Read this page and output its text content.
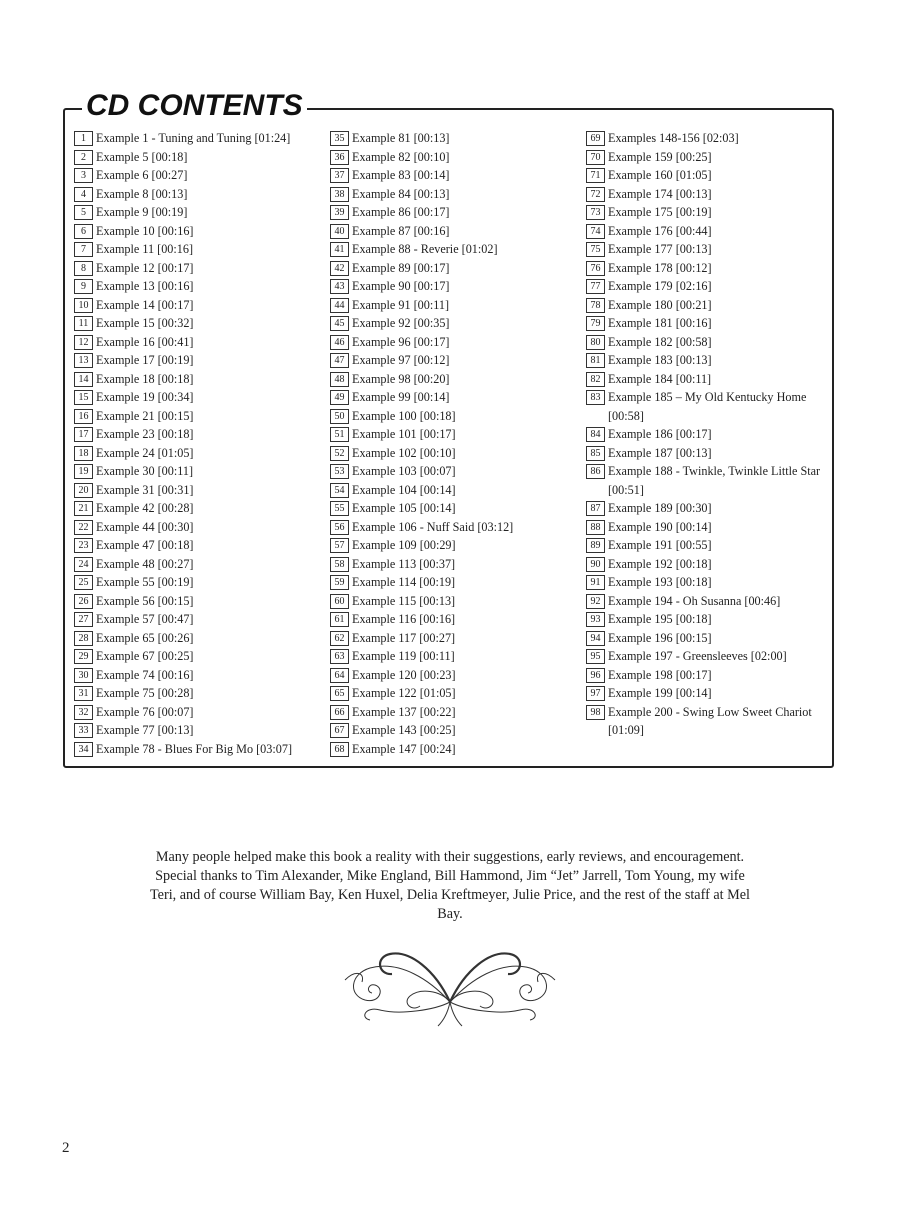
CD CONTENTS
1 Example 1 - Tuning and Tuning [01:24]
2 Example 5 [00:18]
3 Example 6 [00:27]
4 Example 8 [00:13]
5 Example 9 [00:19]
6 Example 10 [00:16]
7 Example 11 [00:16]
8 Example 12 [00:17]
9 Example 13 [00:16]
10 Example 14 [00:17]
11 Example 15 [00:32]
12 Example 16 [00:41]
13 Example 17 [00:19]
14 Example 18 [00:18]
15 Example 19 [00:34]
16 Example 21 [00:15]
17 Example 23 [00:18]
18 Example 24 [01:05]
19 Example 30 [00:11]
20 Example 31 [00:31]
21 Example 42 [00:28]
22 Example 44 [00:30]
23 Example 47 [00:18]
24 Example 48 [00:27]
25 Example 55 [00:19]
26 Example 56 [00:15]
27 Example 57 [00:47]
28 Example 65 [00:26]
29 Example 67 [00:25]
30 Example 74 [00:16]
31 Example 75 [00:28]
32 Example 76 [00:07]
33 Example 77 [00:13]
34 Example 78 - Blues For Big Mo [03:07]
35 Example 81 [00:13]
36 Example 82 [00:10]
37 Example 83 [00:14]
38 Example 84 [00:13]
39 Example 86 [00:17]
40 Example 87 [00:16]
41 Example 88 - Reverie [01:02]
42 Example 89 [00:17]
43 Example 90 [00:17]
44 Example 91 [00:11]
45 Example 92 [00:35]
46 Example 96 [00:17]
47 Example 97 [00:12]
48 Example 98 [00:20]
49 Example 99 [00:14]
50 Example 100 [00:18]
51 Example 101 [00:17]
52 Example 102 [00:10]
53 Example 103 [00:07]
54 Example 104 [00:14]
55 Example 105 [00:14]
56 Example 106 - Nuff Said [03:12]
57 Example 109 [00:29]
58 Example 113 [00:37]
59 Example 114 [00:19]
60 Example 115 [00:13]
61 Example 116 [00:16]
62 Example 117 [00:27]
63 Example 119 [00:11]
64 Example 120 [00:23]
65 Example 122 [01:05]
66 Example 137 [00:22]
67 Example 143 [00:25]
68 Example 147 [00:24]
69 Examples 148-156 [02:03]
70 Example 159 [00:25]
71 Example 160 [01:05]
72 Example 174 [00:13]
73 Example 175 [00:19]
74 Example 176 [00:44]
75 Example 177 [00:13]
76 Example 178 [00:12]
77 Example 179 [02:16]
78 Example 180 [00:21]
79 Example 181 [00:16]
80 Example 182 [00:58]
81 Example 183 [00:13]
82 Example 184 [00:11]
83 Example 185 – My Old Kentucky Home [00:58]
84 Example 186 [00:17]
85 Example 187 [00:13]
86 Example 188 - Twinkle, Twinkle Little Star [00:51]
87 Example 189 [00:30]
88 Example 190 [00:14]
89 Example 191 [00:55]
90 Example 192 [00:18]
91 Example 193 [00:18]
92 Example 194 - Oh Susanna [00:46]
93 Example 195 [00:18]
94 Example 196 [00:15]
95 Example 197 - Greensleeves [02:00]
96 Example 198 [00:17]
97 Example 199 [00:14]
98 Example 200 - Swing Low Sweet Chariot [01:09]
Many people helped make this book a reality with their suggestions, early reviews, and encouragement. Special thanks to Tim Alexander, Mike England, Bill Hammond, Jim “Jet” Jarrell, Tom Young, my wife Teri, and of course William Bay, Ken Huxel, Delia Kreftmeyer, Julie Price, and the rest of the staff at Mel Bay.
2
